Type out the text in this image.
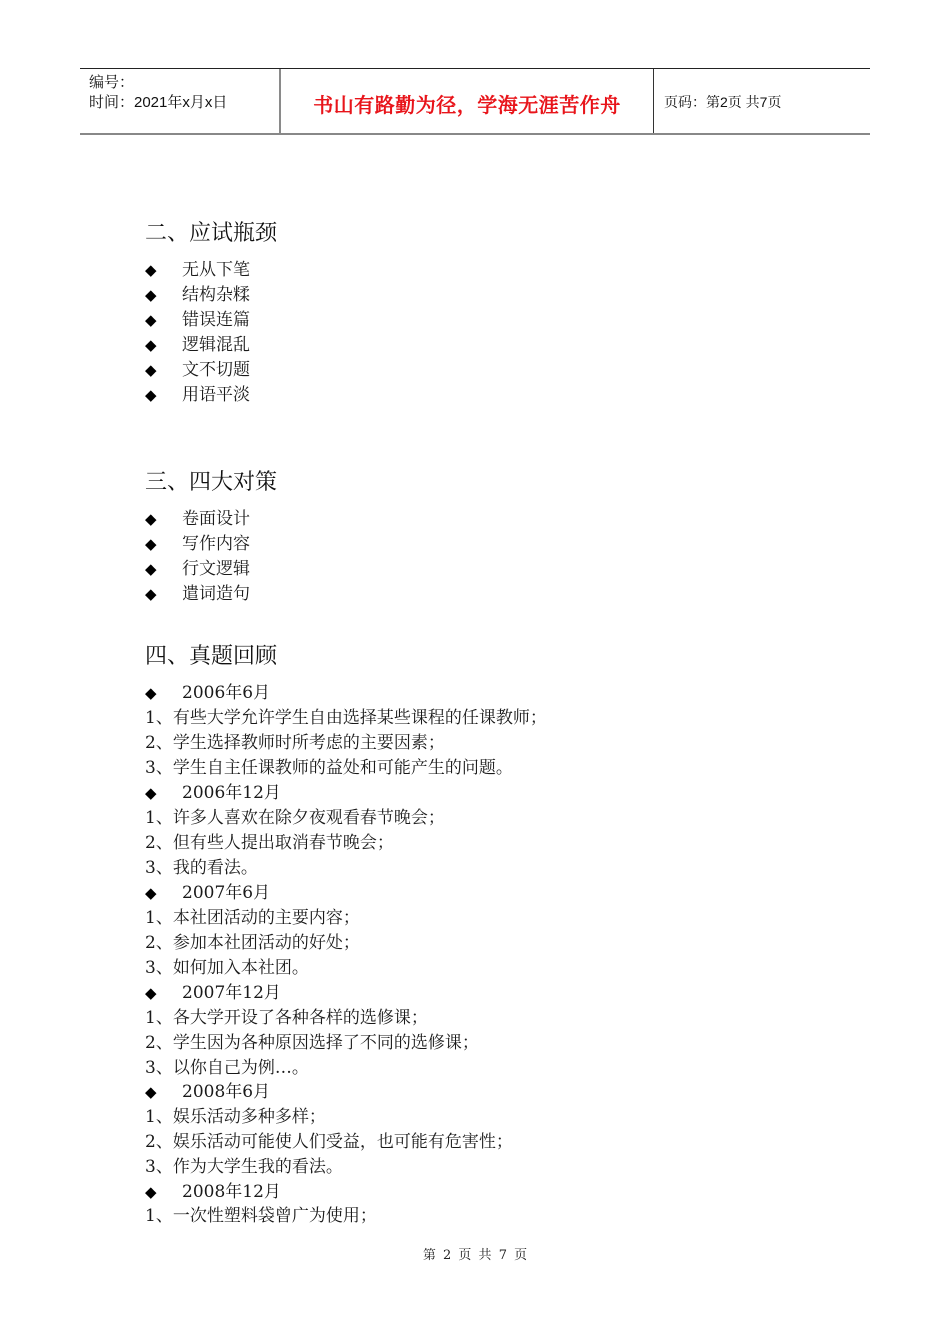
编号：
时间：2021年x月x日	书山有路勤为径，学海无涯苦作舟	页码：第2页 共7页
二、应试瓶颈
◆ 无从下笔
◆ 结构杂糅
◆ 错误连篇
◆ 逻辑混乱
◆ 文不切题
◆ 用语平淡
三、四大对策
◆ 卷面设计
◆ 写作内容
◆ 行文逻辑
◆ 遣词造句
四、真题回顾
◆ 2006年6月
1、有些大学允许学生自由选择某些课程的任课教师；
2、学生选择教师时所考虑的主要因素；
3、学生自主任课教师的益处和可能产生的问题。
◆ 2006年12月
1、许多人喜欢在除夕夜观看春节晚会；
2、但有些人提出取消春节晚会；
3、我的看法。
◆ 2007年6月
1、本社团活动的主要内容；
2、参加本社团活动的好处；
3、如何加入本社团。
◆ 2007年12月
1、各大学开设了各种各样的选修课；
2、学生因为各种原因选择了不同的选修课；
3、以你自己为例…。
◆ 2008年6月
1、娱乐活动多种多样；
2、娱乐活动可能使人们受益，也可能有危害性；
3、作为大学生我的看法。
◆ 2008年12月
1、一次性塑料袋曾广为使用；
第 2 页 共 7 页
